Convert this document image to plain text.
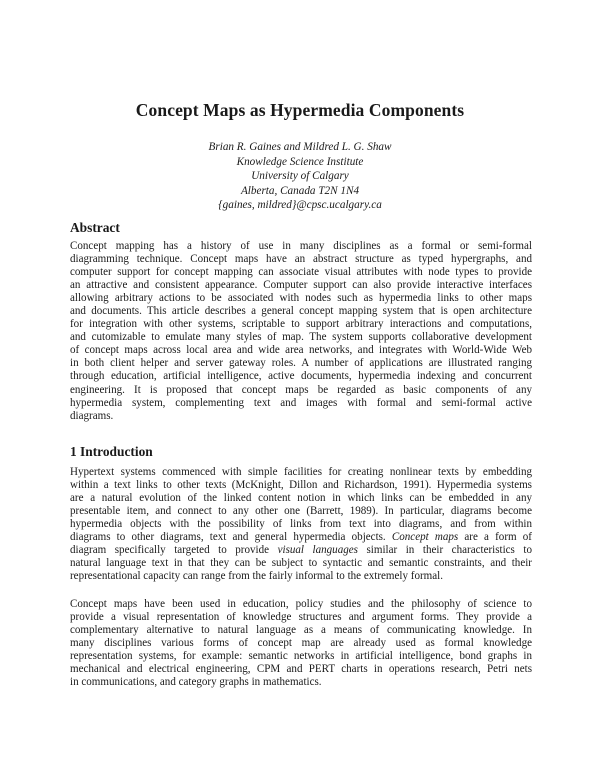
Concept Maps as Hypermedia Components
Brian R. Gaines and Mildred L. G. Shaw
Knowledge Science Institute
University of Calgary
Alberta, Canada T2N 1N4
{gaines, mildred}@cpsc.ucalgary.ca
Abstract
Concept mapping has a history of use in many disciplines as a formal or semi-formal
diagramming technique. Concept maps have an abstract structure as typed hypergraphs, and
computer support for concept mapping can associate visual attributes with node types to provide
an attractive and consistent appearance. Computer support can also provide interactive interfaces
allowing arbitrary actions to be associated with nodes such as hypermedia links to other maps
and documents. This article describes a general concept mapping system that is open architecture
for integration with other systems, scriptable to support arbitrary interactions and computations,
and cutomizable to emulate many styles of map. The system supports collaborative development
of concept maps across local area and wide area networks, and integrates with World-Wide Web
in both client helper and server gateway roles. A number of applications are illustrated ranging
through education, artificial intelligence, active documents, hypermedia indexing and concurrent
engineering. It is proposed that concept maps be regarded as basic components of any
hypermedia system, complementing text and images with formal and semi-formal active
diagrams.
1 Introduction
Hypertext systems commenced with simple facilities for creating nonlinear texts by embedding
within a text links to other texts (McKnight, Dillon and Richardson, 1991). Hypermedia systems
are a natural evolution of the linked content notion in which links can be embedded in any
presentable item, and connect to any other one (Barrett, 1989). In particular, diagrams become
hypermedia objects with the possibility of links from text into diagrams, and from within
diagrams to other diagrams, text and general hypermedia objects. Concept maps are a form of
diagram specifically targeted to provide visual languages similar in their characteristics to
natural language text in that they can be subject to syntactic and semantic constraints, and their
representational capacity can range from the fairly informal to the extremely formal.
Concept maps have been used in education, policy studies and the philosophy of science to
provide a visual representation of knowledge structures and argument forms. They provide a
complementary alternative to natural language as a means of communicating knowledge. In
many disciplines various forms of concept map are already used as formal knowledge
representation systems, for example: semantic networks in artificial intelligence, bond graphs in
mechanical and electrical engineering, CPM and PERT charts in operations research, Petri nets
in communications, and category graphs in mathematics.
